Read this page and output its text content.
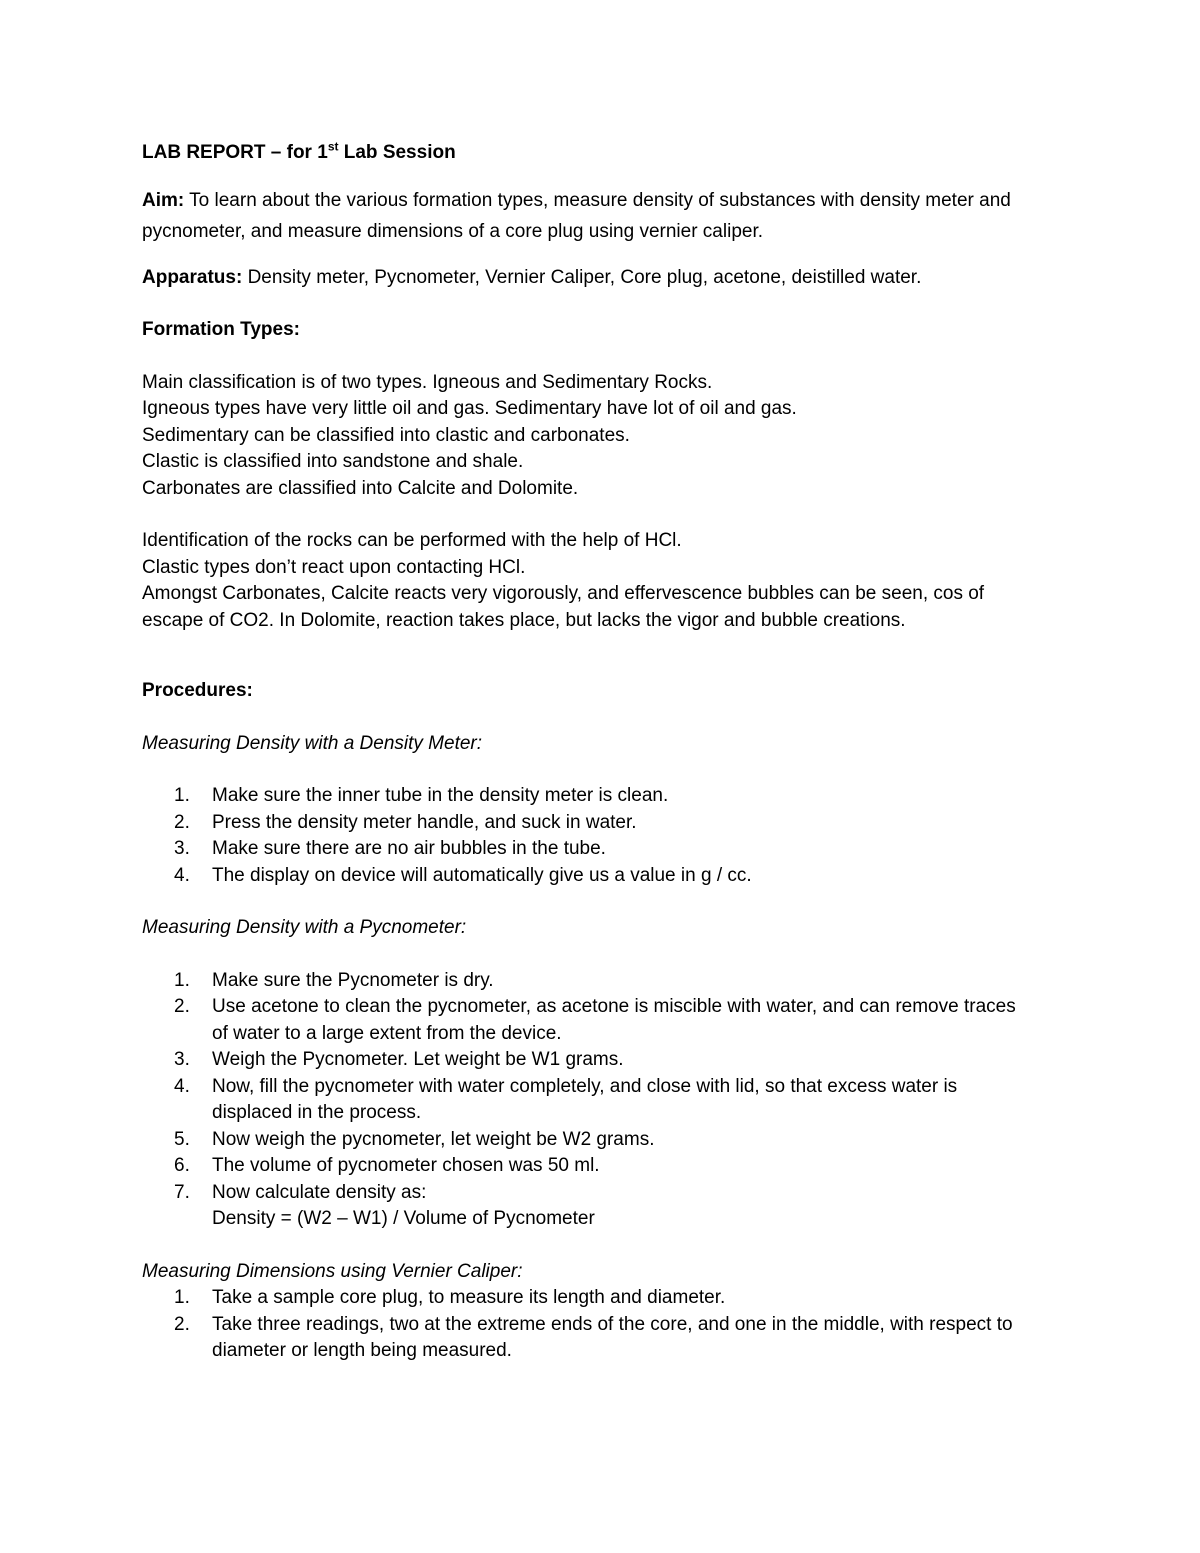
LAB REPORT – for 1st Lab Session
Aim: To learn about the various formation types, measure density of substances with density meter and pycnometer, and measure dimensions of a core plug using vernier caliper.
Apparatus: Density meter, Pycnometer, Vernier Caliper, Core plug, acetone, deistilled water.
Formation Types:
Main classification is of two types. Igneous and Sedimentary Rocks.
Igneous types have very little oil and gas. Sedimentary have lot of oil and gas.
Sedimentary can be classified into clastic and carbonates.
Clastic is classified into sandstone and shale.
Carbonates are classified into Calcite and Dolomite.
Identification of the rocks can be performed with the help of HCl.
Clastic types don’t react upon contacting HCl.
Amongst Carbonates, Calcite reacts very vigorously, and effervescence bubbles can be seen, cos of
escape of CO2. In Dolomite, reaction takes place, but lacks the vigor and bubble creations.
Procedures:
Measuring Density with a Density Meter:
1. Make sure the inner tube in the density meter is clean.
2. Press the density meter handle, and suck in water.
3. Make sure there are no air bubbles in the tube.
4. The display on device will automatically give us a value in g / cc.
Measuring Density with a Pycnometer:
1. Make sure the Pycnometer is dry.
2. Use acetone to clean the pycnometer, as acetone is miscible with water, and can remove traces
of water to a large extent from the device.
3. Weigh the Pycnometer. Let weight be W1 grams.
4. Now, fill the pycnometer with water completely, and close with lid, so that excess water is
displaced in the process.
5. Now weigh the pycnometer, let weight be W2 grams.
6. The volume of pycnometer chosen was 50 ml.
7. Now calculate density as:
Density = (W2 – W1) / Volume of Pycnometer
Measuring Dimensions using Vernier Caliper:
1. Take a sample core plug, to measure its length and diameter.
2. Take three readings, two at the extreme ends of the core, and one in the middle, with respect to
diameter or length being measured.
